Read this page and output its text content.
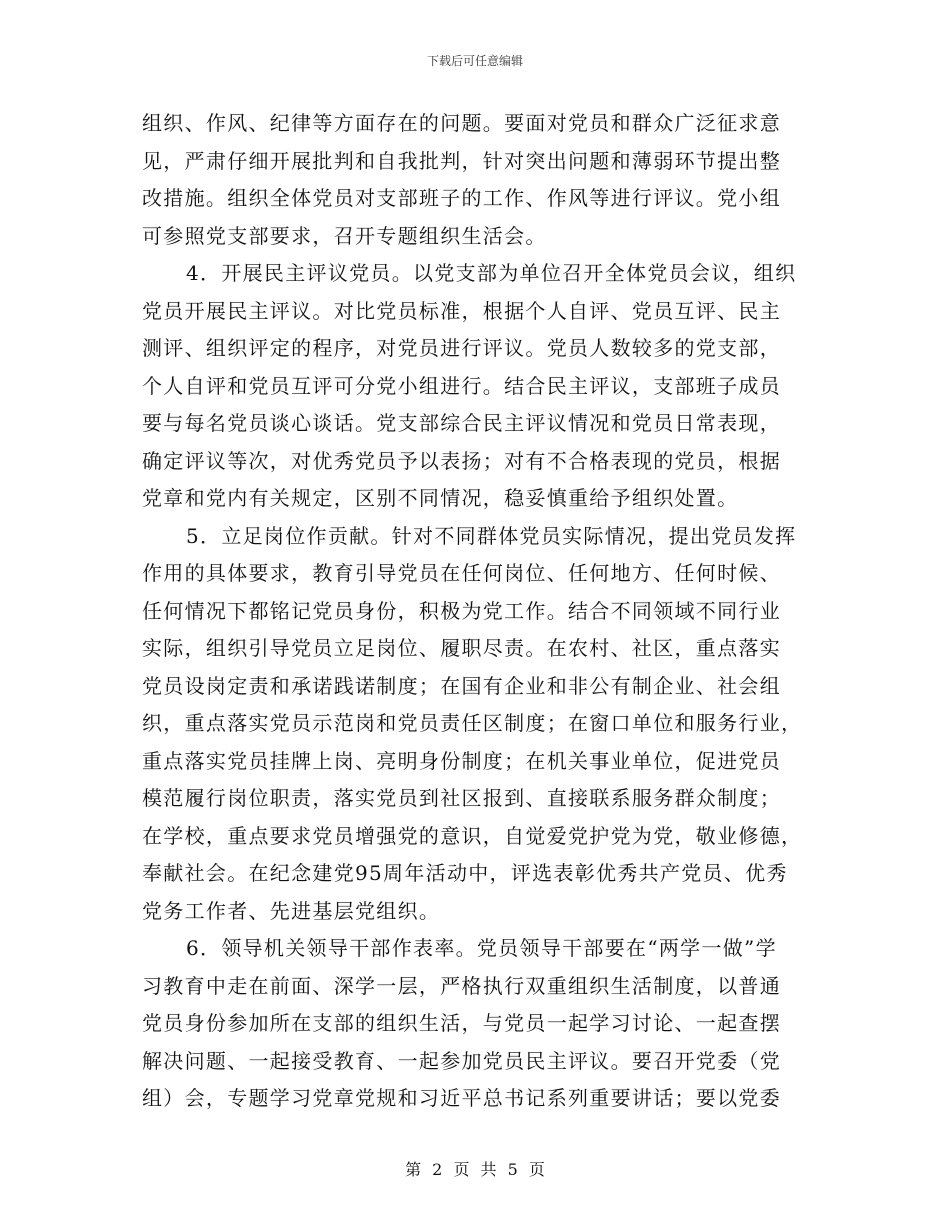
下载后可任意编辑
组织、作风、纪律等方面存在的问题。要面对党员和群众广泛征求意
见，严肃仔细开展批判和自我批判，针对突出问题和薄弱环节提出整
改措施。组织全体党员对支部班子的工作、作风等进行评议。党小组
可参照党支部要求，召开专题组织生活会。
4．开展民主评议党员。以党支部为单位召开全体党员会议，组织
党员开展民主评议。对比党员标准，根据个人自评、党员互评、民主
测评、组织评定的程序，对党员进行评议。党员人数较多的党支部，
个人自评和党员互评可分党小组进行。结合民主评议，支部班子成员
要与每名党员谈心谈话。党支部综合民主评议情况和党员日常表现，
确定评议等次，对优秀党员予以表扬；对有不合格表现的党员，根据
党章和党内有关规定，区别不同情况，稳妥慎重给予组织处置。
5．立足岗位作贡献。针对不同群体党员实际情况，提出党员发挥
作用的具体要求，教育引导党员在任何岗位、任何地方、任何时候、
任何情况下都铭记党员身份，积极为党工作。结合不同领域不同行业
实际，组织引导党员立足岗位、履职尽责。在农村、社区，重点落实
党员设岗定责和承诺践诺制度；在国有企业和非公有制企业、社会组
织，重点落实党员示范岗和党员责任区制度；在窗口单位和服务行业，
重点落实党员挂牌上岗、亮明身份制度；在机关事业单位，促进党员
模范履行岗位职责，落实党员到社区报到、直接联系服务群众制度；
在学校，重点要求党员增强党的意识，自觉爱党护党为党，敬业修德，
奉献社会。在纪念建党95周年活动中，评选表彰优秀共产党员、优秀
党务工作者、先进基层党组织。
6．领导机关领导干部作表率。党员领导干部要在“两学一做”学
习教育中走在前面、深学一层，严格执行双重组织生活制度，以普通
党员身份参加所在支部的组织生活，与党员一起学习讨论、一起查摆
解决问题、一起接受教育、一起参加党员民主评议。要召开党委（党
组）会，专题学习党章党规和习近平总书记系列重要讲话；要以党委
第 2 页 共 5 页
